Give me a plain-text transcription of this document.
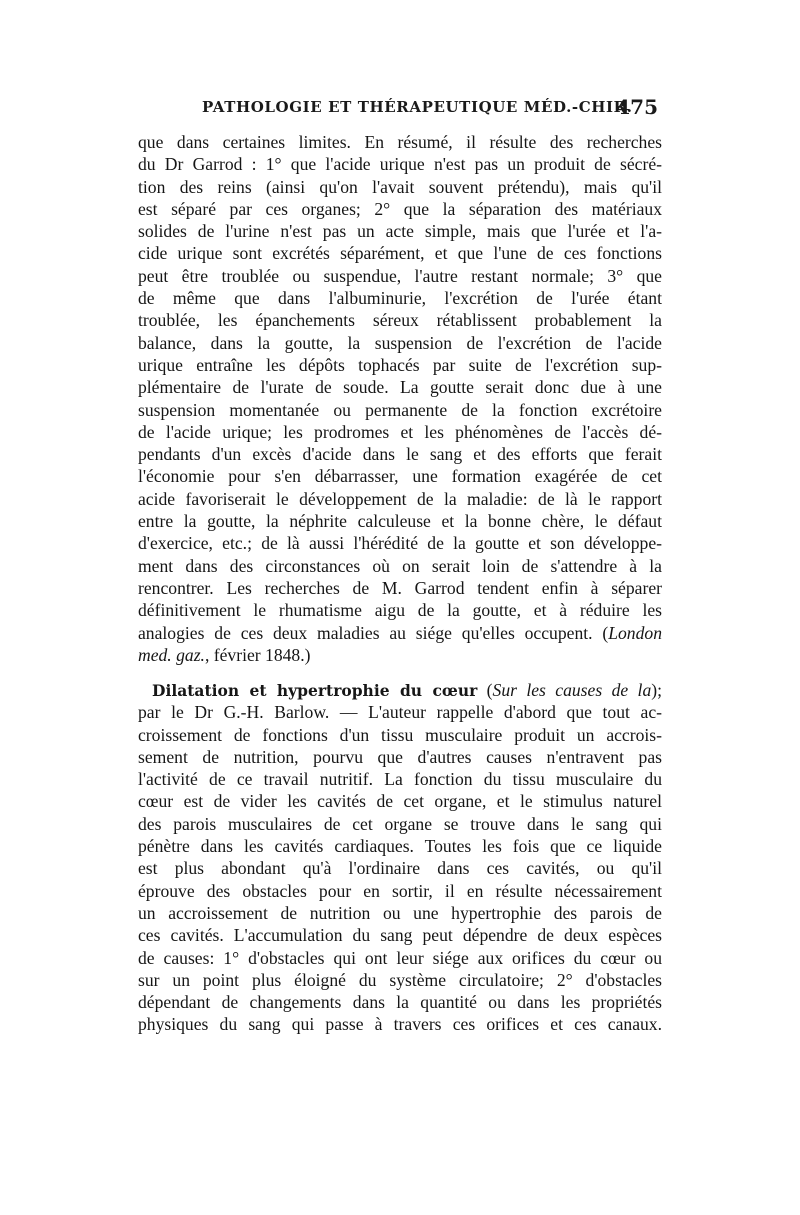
PATHOLOGIE ET THÉRAPEUTIQUE MÉD.-CHIR.
475
que dans certaines limites. En résumé, il résulte des recherches
du Dr Garrod : 1° que l'acide urique n'est pas un produit de sécré-
tion des reins (ainsi qu'on l'avait souvent prétendu), mais qu'il
est séparé par ces organes; 2° que la séparation des matériaux
solides de l'urine n'est pas un acte simple, mais que l'urée et l'a-
cide urique sont excrétés séparément, et que l'une de ces fonctions
peut être troublée ou suspendue, l'autre restant normale; 3° que
de même que dans l'albuminurie, l'excrétion de l'urée étant
troublée, les épanchements séreux rétablissent probablement la
balance, dans la goutte, la suspension de l'excrétion de l'acide
urique entraîne les dépôts tophacés par suite de l'excrétion sup-
plémentaire de l'urate de soude. La goutte serait donc due à une
suspension momentanée ou permanente de la fonction excrétoire
de l'acide urique; les prodromes et les phénomènes de l'accès dé-
pendants d'un excès d'acide dans le sang et des efforts que ferait
l'économie pour s'en débarrasser, une formation exagérée de cet
acide favoriserait le développement de la maladie: de là le rapport
entre la goutte, la néphrite calculeuse et la bonne chère, le défaut
d'exercice, etc.; de là aussi l'hérédité de la goutte et son développe-
ment dans des circonstances où on serait loin de s'attendre à la
rencontrer. Les recherches de M. Garrod tendent enfin à séparer
définitivement le rhumatisme aigu de la goutte, et à réduire les
analogies de ces deux maladies au siége qu'elles occupent. (London
med. gaz., février 1848.)
Dilatation et hypertrophie du cœur (Sur les causes de la);
par le Dr G.-H. Barlow. — L'auteur rappelle d'abord que tout ac-
croissement de fonctions d'un tissu musculaire produit un accrois-
sement de nutrition, pourvu que d'autres causes n'entravent pas
l'activité de ce travail nutritif. La fonction du tissu musculaire du
cœur est de vider les cavités de cet organe, et le stimulus naturel
des parois musculaires de cet organe se trouve dans le sang qui
pénètre dans les cavités cardiaques. Toutes les fois que ce liquide
est plus abondant qu'à l'ordinaire dans ces cavités, ou qu'il
éprouve des obstacles pour en sortir, il en résulte nécessairement
un accroissement de nutrition ou une hypertrophie des parois de
ces cavités. L'accumulation du sang peut dépendre de deux espèces
de causes: 1° d'obstacles qui ont leur siége aux orifices du cœur ou
sur un point plus éloigné du système circulatoire; 2° d'obstacles
dépendant de changements dans la quantité ou dans les propriétés
physiques du sang qui passe à travers ces orifices et ces canaux.
